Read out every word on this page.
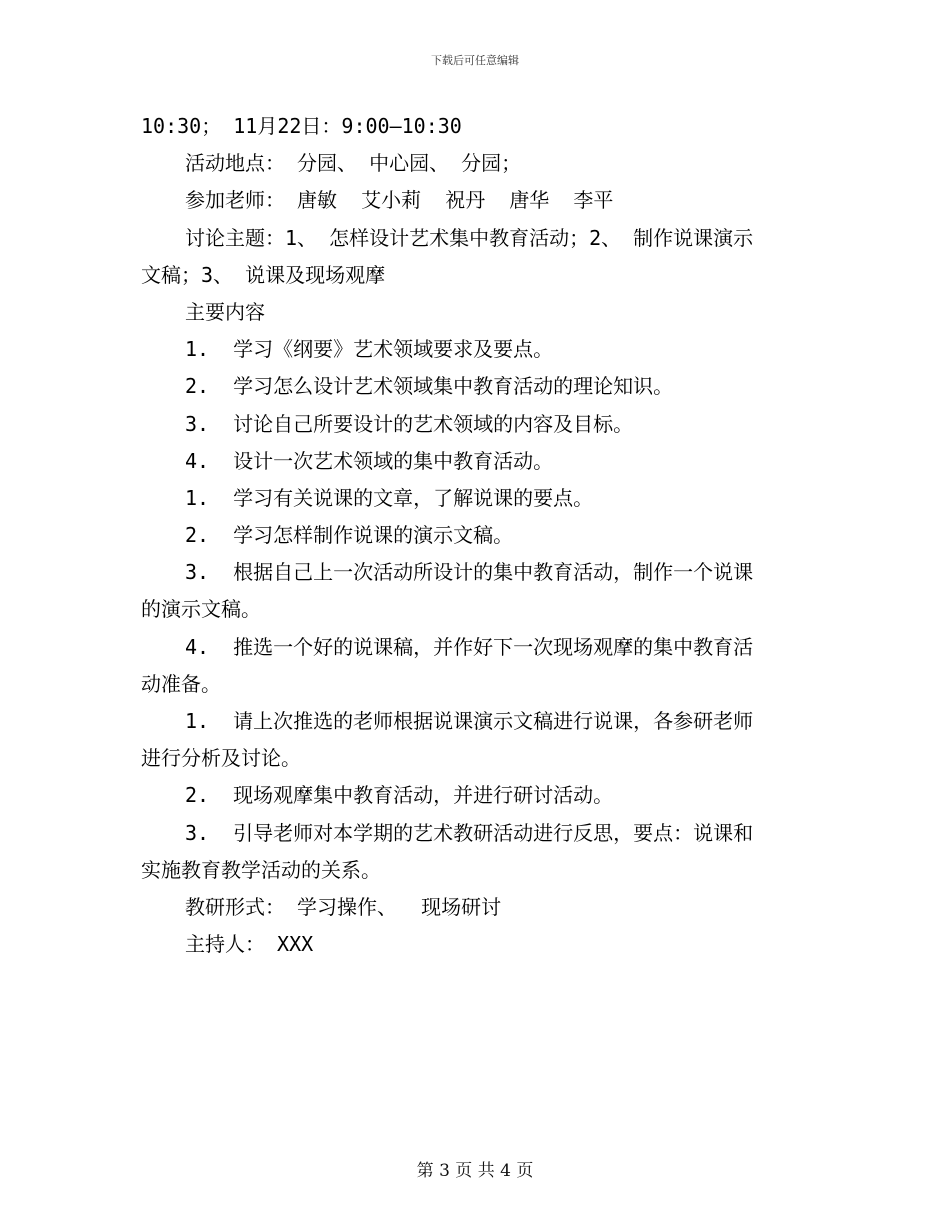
下载后可任意编辑
10:30； 11月22日：9:00—10:30
活动地点： 分园、 中心园、 分园；
参加老师： 唐敏  艾小莉  祝丹  唐华  李平
讨论主题：1、 怎样设计艺术集中教育活动；2、 制作说课演示
文稿；3、 说课及现场观摩
主要内容
1.  学习《纲要》艺术领域要求及要点。
2.  学习怎么设计艺术领域集中教育活动的理论知识。
3.  讨论自己所要设计的艺术领域的内容及目标。
4.  设计一次艺术领域的集中教育活动。
1.  学习有关说课的文章，了解说课的要点。
2.  学习怎样制作说课的演示文稿。
3.  根据自己上一次活动所设计的集中教育活动，制作一个说课
的演示文稿。
4.  推选一个好的说课稿，并作好下一次现场观摩的集中教育活
动准备。
1.  请上次推选的老师根据说课演示文稿进行说课，各参研老师
进行分析及讨论。
2.  现场观摩集中教育活动，并进行研讨活动。
3.  引导老师对本学期的艺术教研活动进行反思，要点：说课和
实施教育教学活动的关系。
教研形式： 学习操作、  现场研讨
主持人： XXX
第 3 页 共 4 页
